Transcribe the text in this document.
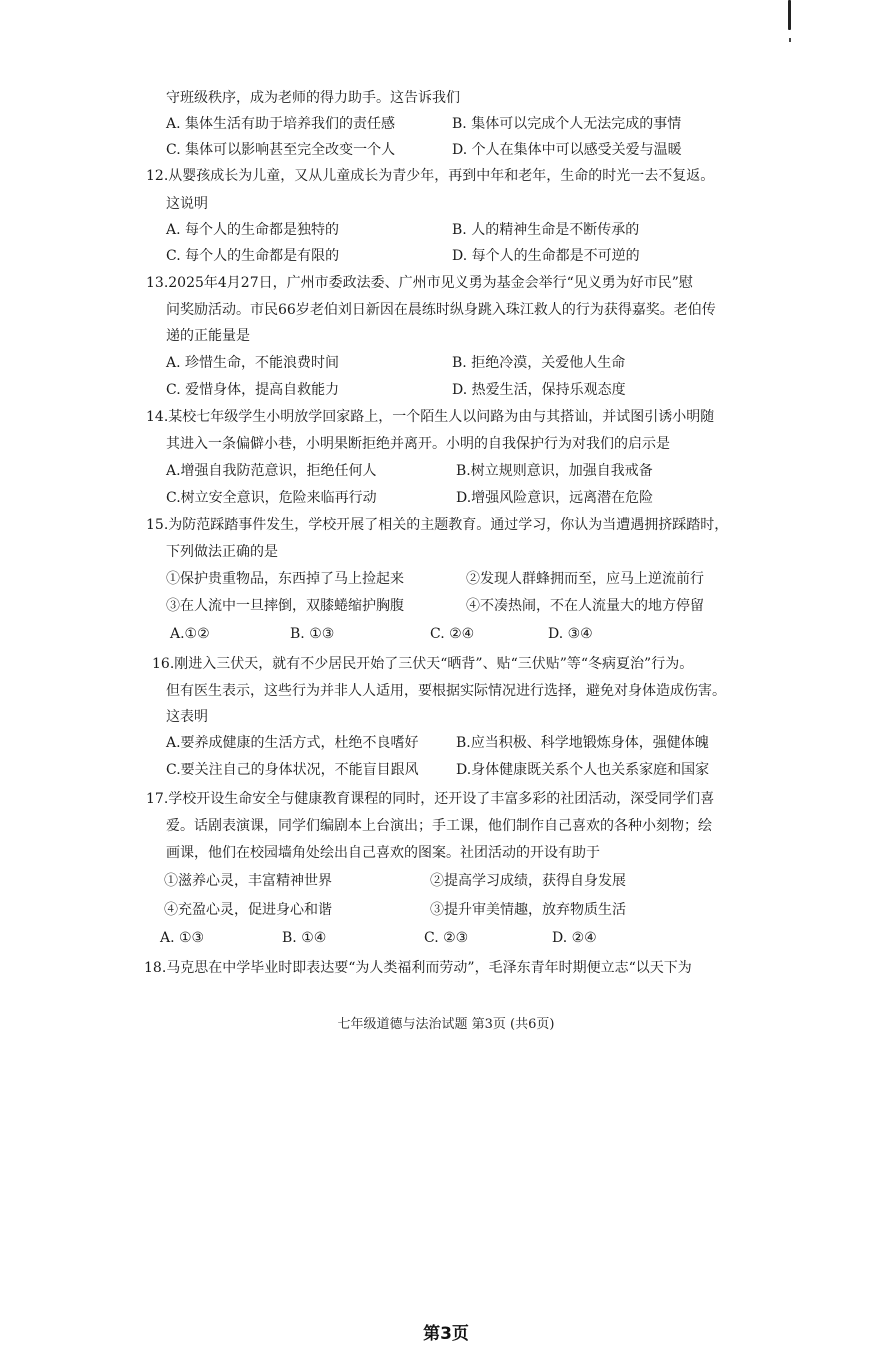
守班级秩序，成为老师的得力助手。这告诉我们
A. 集体生活有助于培养我们的责任感	B. 集体可以完成个人无法完成的事情
C. 集体可以影响甚至完全改变一个人	D. 个人在集体中可以感受关爱与温暖
12.从婴孩成长为儿童，又从儿童成长为青少年，再到中年和老年，生命的时光一去不复返。
这说明
A. 每个人的生命都是独特的	B. 人的精神生命是不断传承的
C. 每个人的生命都是有限的	D. 每个人的生命都是不可逆的
13.2025年4月27日，广州市委政法委、广州市见义勇为基金会举行“见义勇为好市民”慰
问奖励活动。市民66岁老伯刘日新因在晨练时纵身跳入珠江救人的行为获得嘉奖。老伯传
递的正能量是
A. 珍惜生命，不能浪费时间	B. 拒绝冷漠，关爱他人生命
C. 爱惜身体，提高自救能力	D. 热爱生活，保持乐观态度
14.某校七年级学生小明放学回家路上，一个陌生人以问路为由与其搭讪，并试图引诱小明随
其进入一条偏僻小巷，小明果断拒绝并离开。小明的自我保护行为对我们的启示是
A.增强自我防范意识，拒绝任何人	B.树立规则意识，加强自我戒备
C.树立安全意识，危险来临再行动	D.增强风险意识，远离潜在危险
15.为防范踩踏事件发生，学校开展了相关的主题教育。通过学习，你认为当遭遇拥挤踩踏时，
下列做法正确的是
①保护贵重物品，东西掉了马上捡起来	②发现人群蜂拥而至，应马上逆流前行
③在人流中一旦摔倒，双膝蜷缩护胸腹	④不凑热闹，不在人流量大的地方停留
A.①②	B. ①③	C. ②④	D. ③④
16.刚进入三伏天，就有不少居民开始了三伏天“晒背”、贴“三伏贴”等“冬病夏治”行为。
但有医生表示，这些行为并非人人适用，要根据实际情况进行选择，避免对身体造成伤害。
这表明
A.要养成健康的生活方式，杜绝不良嗜好	B.应当积极、科学地锻炼身体，强健体魄
C.要关注自己的身体状况，不能盲目跟风	D.身体健康既关系个人也关系家庭和国家
17.学校开设生命安全与健康教育课程的同时，还开设了丰富多彩的社团活动，深受同学们喜
爱。话剧表演课，同学们编剧本上台演出；手工课，他们制作自己喜欢的各种小刻物；绘
画课，他们在校园墙角处绘出自己喜欢的图案。社团活动的开设有助于
①滋养心灵，丰富精神世界	②提高学习成绩，获得自身发展
④充盈心灵，促进身心和谐	③提升审美情趣，放弃物质生活
A. ①③	B. ①④	C. ②③	D. ②④
18.马克思在中学毕业时即表达要“为人类福利而劳动”，毛泽东青年时期便立志“以天下为
七年级道德与法治试题 第3页 (共6页)
第3页
